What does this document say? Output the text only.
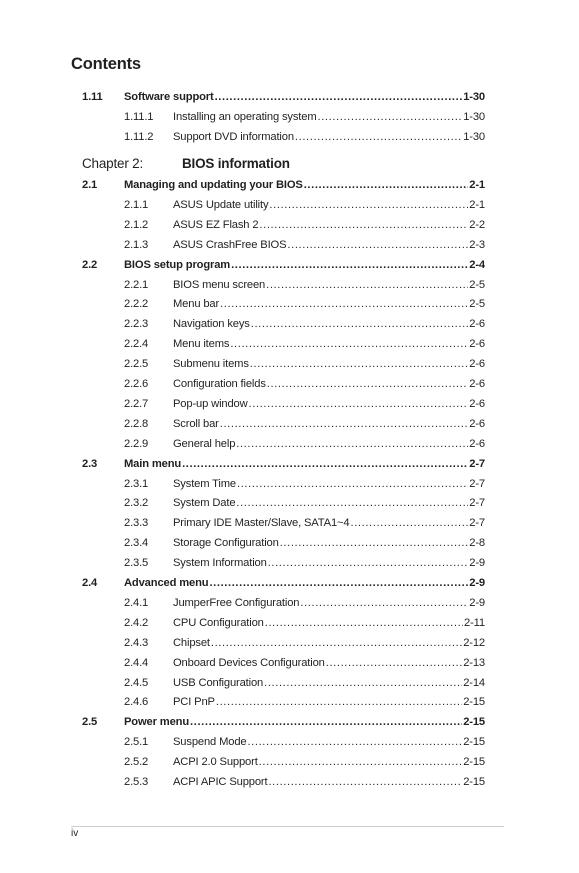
Contents
1.11	Software support .....	1-30
1.11.1	Installing an operating system .....	1-30
1.11.2	Support DVD information .....	1-30
Chapter 2:	BIOS information
2.1	Managing and updating your BIOS .....	2-1
2.1.1	ASUS Update utility .....	2-1
2.1.2	ASUS EZ Flash 2 .....	2-2
2.1.3	ASUS CrashFree BIOS .....	2-3
2.2	BIOS setup program .....	2-4
2.2.1	BIOS menu screen .....	2-5
2.2.2	Menu bar .....	2-5
2.2.3	Navigation keys .....	2-6
2.2.4	Menu items .....	2-6
2.2.5	Submenu items .....	2-6
2.2.6	Configuration fields .....	2-6
2.2.7	Pop-up window .....	2-6
2.2.8	Scroll bar .....	2-6
2.2.9	General help .....	2-6
2.3	Main menu .....	2-7
2.3.1	System Time .....	2-7
2.3.2	System Date .....	2-7
2.3.3	Primary IDE Master/Slave, SATA1~4 .....	2-7
2.3.4	Storage Configuration .....	2-8
2.3.5	System Information .....	2-9
2.4	Advanced menu .....	2-9
2.4.1	JumperFree Configuration .....	2-9
2.4.2	CPU Configuration .....	2-11
2.4.3	Chipset .....	2-12
2.4.4	Onboard Devices Configuration .....	2-13
2.4.5	USB Configuration .....	2-14
2.4.6	PCI PnP .....	2-15
2.5	Power menu .....	2-15
2.5.1	Suspend Mode .....	2-15
2.5.2	ACPI 2.0 Support .....	2-15
2.5.3	ACPI APIC Support .....	2-15
iv
